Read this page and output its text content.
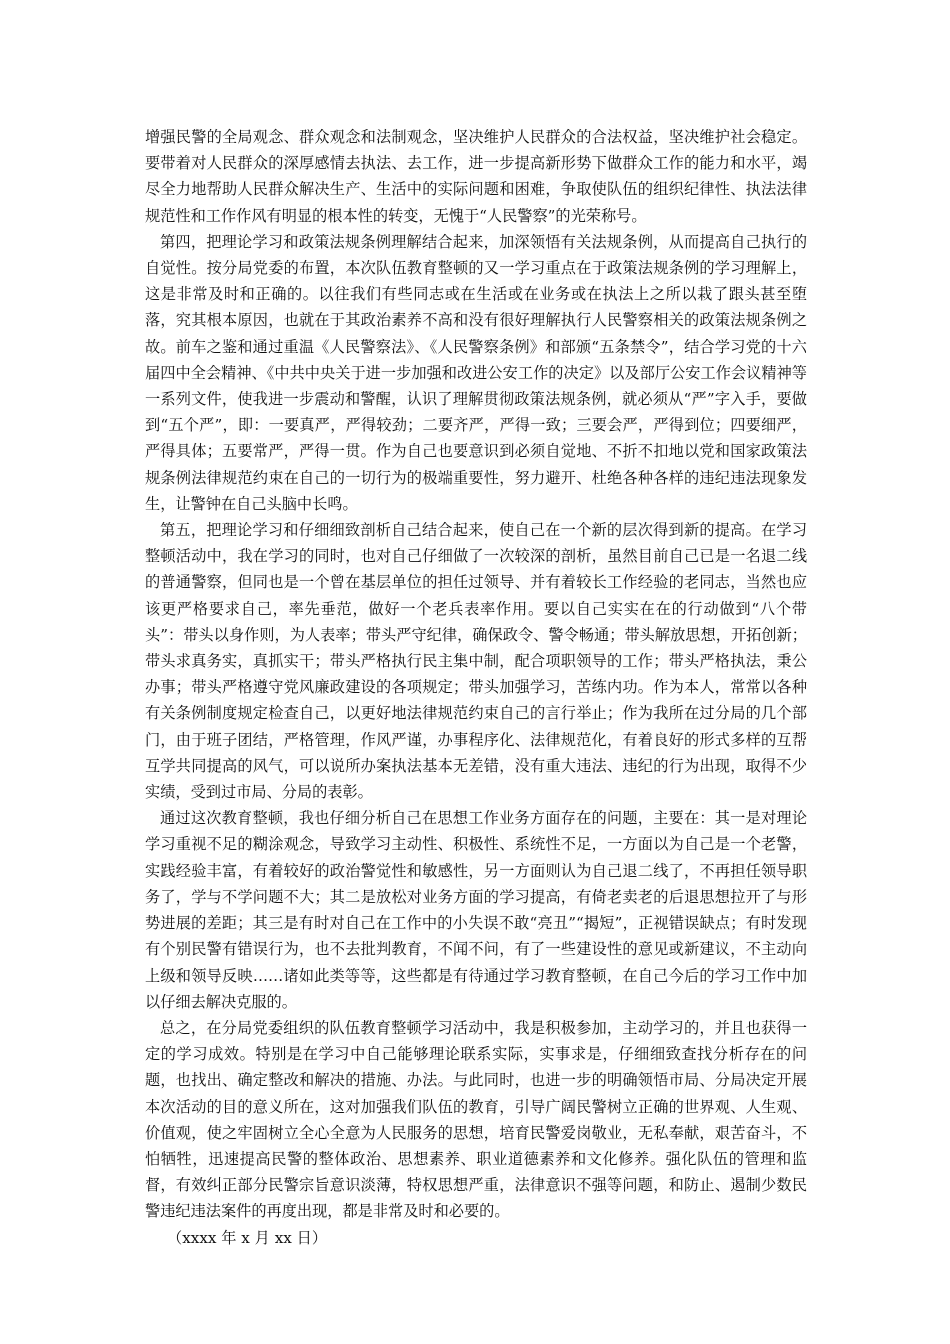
增强民警的全局观念、群众观念和法制观念，坚决维护人民群众的合法权益，坚决维护社会稳定。要带着对人民群众的深厚感情去执法、去工作，进一步提高新形势下做群众工作的能力和水平，竭尽全力地帮助人民群众解决生产、生活中的实际问题和困难，争取使队伍的组织纪律性、执法法律规范性和工作作风有明显的根本性的转变，无愧于“人民警察”的光荣称号。

第四，把理论学习和政策法规条例理解结合起来，加深领悟有关法规条例，从而提高自己执行的自觉性。按分局党委的布置，本次队伍教育整顿的又一学习重点在于政策法规条例的学习理解上，这是非常及时和正确的。以往我们有些同志或在生活或在业务或在执法上之所以栽了跟头甚至堕落，究其根本原因，也就在于其政治素养不高和没有很好理解执行人民警察相关的政策法规条例之故。前车之鉴和通过重温《人民警察法》、《人民警察条例》和部颁“五条禁令”，结合学习党的十六届四中全会精神、《中共中央关于进一步加强和改进公安工作的决定》以及部厅公安工作会议精神等一系列文件，使我进一步震动和警醒，认识了理解贯彻政策法规条例，就必须从“严”字入手，要做到“五个严”，即：一要真严，严得较劲；二要齐严，严得一致；三要会严，严得到位；四要细严，严得具体；五要常严，严得一贯。作为自己也要意识到必须自觉地、不折不扣地以党和国家政策法规条例法律规范约束在自己的一切行为的极端重要性，努力避开、杜绝各种各样的违纪违法现象发生，让警钟在自己头脑中长鸣。

第五，把理论学习和仔细细致剖析自己结合起来，使自己在一个新的层次得到新的提高。在学习整顿活动中，我在学习的同时，也对自己仔细做了一次较深的剖析，虽然目前自己已是一名退二线的普通警察，但同也是一个曾在基层单位的担任过领导、并有着较长工作经验的老同志，当然也应该更严格要求自己，率先垂范，做好一个老兵表率作用。要以自己实实在在的行动做到“八个带头”：带头以身作则，为人表率；带头严守纪律，确保政令、警令畅通；带头解放思想，开拓创新；带头求真务实，真抓实干；带头严格执行民主集中制，配合项职领导的工作；带头严格执法，秉公办事；带头严格遵守党风廉政建设的各项规定；带头加强学习，苦练内功。作为本人，常常以各种有关条例制度规定检查自己，以更好地法律规范约束自己的言行举止；作为我所在过分局的几个部门，由于班子团结，严格管理，作风严谨，办事程序化、法律规范化，有着良好的形式多样的互帮互学共同提高的风气，可以说所办案执法基本无差错，没有重大违法、违纪的行为出现，取得不少实绩，受到过市局、分局的表彰。

通过这次教育整顿，我也仔细分析自己在思想工作业务方面存在的问题，主要在：其一是对理论学习重视不足的糊涂观念，导致学习主动性、积极性、系统性不足，一方面以为自己是一个老警，实践经验丰富，有着较好的政治警觉性和敏感性，另一方面则认为自己退二线了，不再担任领导职务了，学与不学问题不大；其二是放松对业务方面的学习提高，有倚老卖老的后退思想拉开了与形势进展的差距；其三是有时对自己在工作中的小失误不敢“亮丑”“揭短”，正视错误缺点；有时发现有个别民警有错误行为，也不去批判教育，不闻不问，有了一些建设性的意见或新建议，不主动向上级和领导反映……诸如此类等等，这些都是有待通过学习教育整顿，在自己今后的学习工作中加以仔细去解决克服的。

总之，在分局党委组织的队伍教育整顿学习活动中，我是积极参加，主动学习的，并且也获得一定的学习成效。特别是在学习中自己能够理论联系实际，实事求是，仔细细致查找分析存在的问题，也找出、确定整改和解决的措施、办法。与此同时，也进一步的明确领悟市局、分局决定开展本次活动的目的意义所在，这对加强我们队伍的教育，引导广阔民警树立正确的世界观、人生观、价值观，使之牢固树立全心全意为人民服务的思想，培育民警爱岗敬业，无私奉献，艰苦奋斗，不怕牺牲，迅速提高民警的整体政治、思想素养、职业道德素养和文化修养。强化队伍的管理和监督，有效纠正部分民警宗旨意识淡薄，特权思想严重，法律意识不强等问题，和防止、遏制少数民警违纪违法案件的再度出现，都是非常及时和必要的。

（xxxx 年 x 月 xx 日）
